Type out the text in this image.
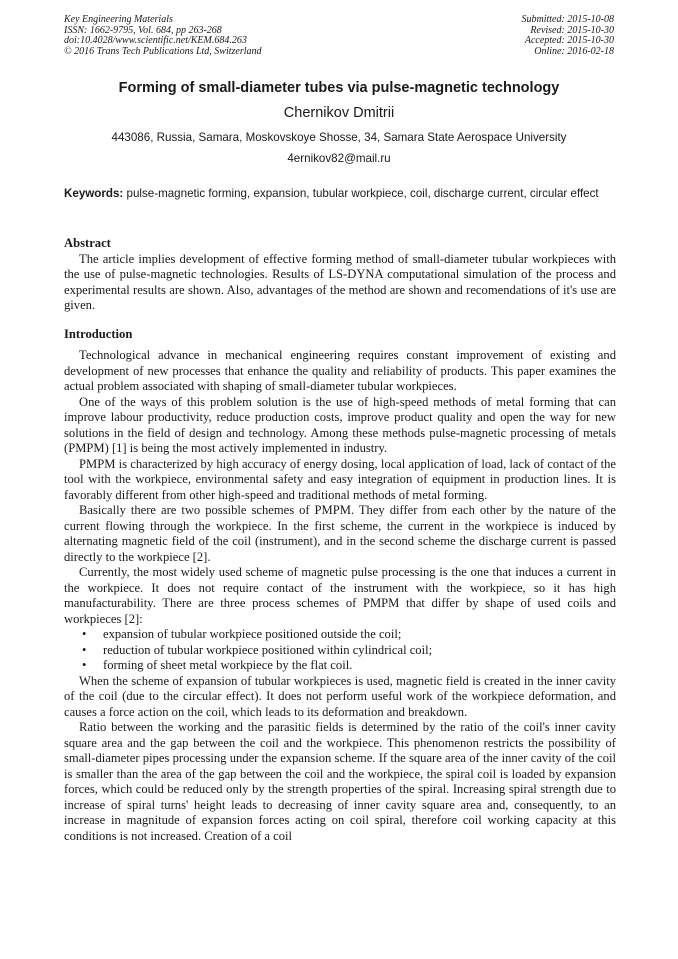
Key Engineering Materials
ISSN: 1662-9795, Vol. 684, pp 263-268
doi:10.4028/www.scientific.net/KEM.684.263
© 2016 Trans Tech Publications Ltd, Switzerland
Submitted: 2015-10-08
Revised: 2015-10-30
Accepted: 2015-10-30
Online: 2016-02-18
Forming of small-diameter tubes via pulse-magnetic technology
Chernikov Dmitrii
443086, Russia, Samara, Moskovskoye Shosse, 34, Samara State Aerospace University
4ernikov82@mail.ru
Keywords: pulse-magnetic forming, expansion, tubular workpiece, coil, discharge current, circular effect
Abstract
The article implies development of effective forming method of small-diameter tubular workpieces with the use of pulse-magnetic technologies. Results of LS-DYNA computational simulation of the process and experimental results are shown. Also, advantages of the method are shown and recomendations of it's use are given.
Introduction
Technological advance in mechanical engineering requires constant improvement of existing and development of new processes that enhance the quality and reliability of products. This paper examines the actual problem associated with shaping of small-diameter tubular workpieces.
One of the ways of this problem solution is the use of high-speed methods of metal forming that can improve labour productivity, reduce production costs, improve product quality and open the way for new solutions in the field of design and technology. Among these methods pulse-magnetic processing of metals (PMPM) [1] is being the most actively implemented in industry.
PMPM is characterized by high accuracy of energy dosing, local application of load, lack of contact of the tool with the workpiece, environmental safety and easy integration of equipment in production lines. It is favorably different from other high-speed and traditional methods of metal forming.
Basically there are two possible schemes of PMPM. They differ from each other by the nature of the current flowing through the workpiece. In the first scheme, the current in the workpiece is induced by alternating magnetic field of the coil (instrument), and in the second scheme the discharge current is passed directly to the workpiece [2].
Currently, the most widely used scheme of magnetic pulse processing is the one that induces a current in the workpiece. It does not require contact of the instrument with the workpiece, so it has high manufacturability. There are three process schemes of PMPM that differ by shape of used coils and workpieces [2]:
• expansion of tubular workpiece positioned outside the coil;
• reduction of tubular workpiece positioned within cylindrical coil;
• forming of sheet metal workpiece by the flat coil.
When the scheme of expansion of tubular workpieces is used, magnetic field is created in the inner cavity of the coil (due to the circular effect). It does not perform useful work of the workpiece deformation, and causes a force action on the coil, which leads to its deformation and breakdown.
Ratio between the working and the parasitic fields is determined by the ratio of the coil's inner cavity square area and the gap between the coil and the workpiece. This phenomenon restricts the possibility of small-diameter pipes processing under the expansion scheme. If the square area of the inner cavity of the coil is smaller than the area of the gap between the coil and the workpiece, the spiral coil is loaded by expansion forces, which could be reduced only by the strength properties of the spiral. Increasing spiral strength due to increase of spiral turns' height leads to decreasing of inner cavity square area and, consequently, to an increase in magnitude of expansion forces acting on coil spiral, therefore coil working capacity at this conditions is not increased. Creation of a coil
